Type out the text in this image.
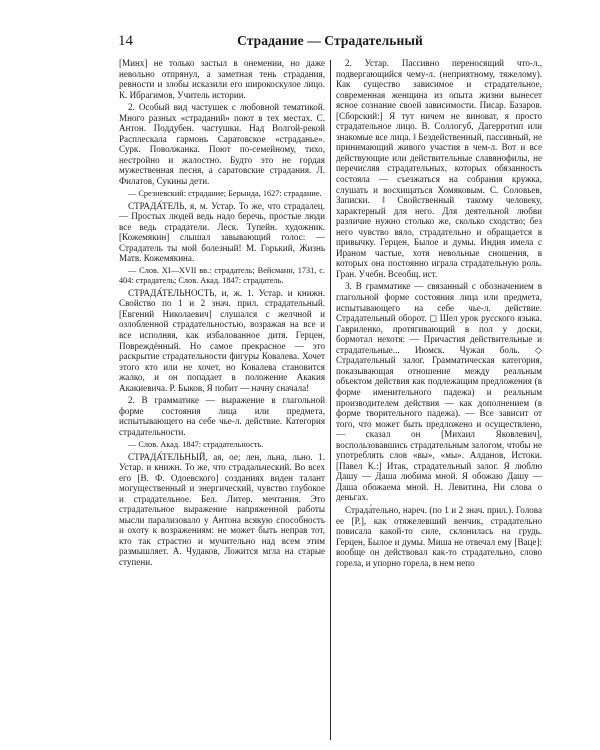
14	Страдание — Страдательный

[Минх] не только застыл в онемении, но даже невольно отпрянул, а заметная тень страдания, ревности и злобы исказили его широкоскулое лицо. К. Ибрагимов, Учитель истории.

2. Особый вид частушек с любовной тематикой. Много разных «страданий» поют в тех местах. С. Антон. Поддубен. частушки. Над Волгой-рекой Расплескала гармонь Саратовское «страданье». Сурк. Поволжанка. Поют по-семейному, тихо, нестройно и жалостно. Будто это не гордая мужественная песня, а саратовские страдания. Л. Филатов, Сукины дети.

— Срезневский: страдание; Берында, 1627: страдание.

СТРАДА́ТЕЛЬ, я, м. Устар. То же, что страдалец. — Простых людей ведь надо беречь, простые люди все ведь страдатели. Леск. Тупейн. художник. [Кожемякин] слышал завывающий голос: — Страдатель ты мой болезный! М. Горький, Жизнь Матв. Кожемякина.

— Слов. XI—XVII вв.: страдатель; Вейсманн, 1731, с. 404: страдатель; Слов. Акад. 1847: страдатель.

СТРАДА́ТЕЛЬНОСТЬ, и, ж. 1. Устар. и книжн. Свойство по 1 и 2 знач. прил. страдательный. [Евгений Николаевич] слушался с желчной и озлобленной страдательностью, возражая на все и все исполняя, как избалованное дитя. Герцен, Повреждённый. Но самое прекрасное — это раскрытие страдательности фигуры Ковалева. Хочет этого кто или не хочет, но Ковалева становится жалко, и он попадает в положение Акакия Акакиевича. Р. Быков, Я побит — начну сначала!

2. В грамматике — выражение в глагольной форме состояния лица или предмета, испытывающего на себе чье-л. действие. Категория страдательности.

— Слов. Акад. 1847: страдательность.

СТРАДА́ТЕЛЬНЫЙ, ая, ое; лен, льна, льно. 1. Устар. и книжн. То же, что страдальческий. Во всех его [В. Ф. Одоевского] созданиях виден талант могущественный и энергический, чувство глубокое и страдательное. Бел. Литер. мечтания. Это страдательное выражение напряженной работы мысли парализовало у Антона всякую способность и охоту к возражениям: не может быть неправ тот, кто так страстно и мучительно над всем этим размышляет. А. Чудаков, Ложится мгла на старые ступени.

2. Устар. Пассивно переносящий что-л., подвергающийся чему-л. (неприятному, тяжелому). Как существо зависимое и страдательное, современная женщина из опыта жизни вынесет ясное сознание своей зависимости. Писар. Базаров. [Сборский:] Я тут ничем не виноват, я просто страдательное лицо. В. Соллогуб, Дагерротип или знакомые все лица. ‖ Бездейственный, пассивный, не принимающий живого участия в чем-л. Вот и все действующие или действительные славянофилы, не перечисляя страдательных, которых обязанность состояла — съезжаться на собрания кружка, слушать и восхищаться Хомяковым. С. Соловьев, Записки. ‖ Свойственный такому человеку, характерный для него. Для деятельной любви различие нужно столько же, сколько сходство; без него чувство вяло, страдательно и обращается в привычку. Герцен, Былое и думы. Индия имела с Ираном частые, хотя невольные сношения, в которых она постоянно играла страдательную роль. Гран. Учебн. Всеобщ. ист.

3. В грамматике — связанный с обозначением в глагольной форме состояния лица или предмета, испытывающего на себе чье-л. действие. Страдательный оборот. ◻ Шел урок русского языка. Гавриленко, протягивающий в пол у доски, бормотал нехотя: — Причастия действительные и страдательные... Июмск. Чужая боль. ◇ Страдательный залог. Грамматическая категория, показывающая отношение между реальным объектом действия как подлежащим предложения (в форме именительного падежа) и реальным производителем действия — как дополнением (в форме творительного падежа). — Все зависит от того, что может быть предложено и осуществлено, — сказал он [Михаил Яковлевич], воспользовавшись страдательным залогом, чтобы не употреблять слов «вы», «мы». Алданов, Истоки. [Павел К.:] Итак, страдательный залог. Я люблю Дашу — Даша любима мной. Я обожаю Дашу — Даша обожаема мной. Н. Левитина, Ни слова о деньгах.

Страда́тельно, нареч. (по 1 и 2 знач. прил.). Голова ее [Р.], как отяжелевший венчик, страдательно повисала какой-то силе, склонилась на грудь. Герцен, Былое и думы. Миша не отвечал ему [Ваце]: вообще он действовал как-то страдательно, слово горела, и упорно горела, в нем непо
